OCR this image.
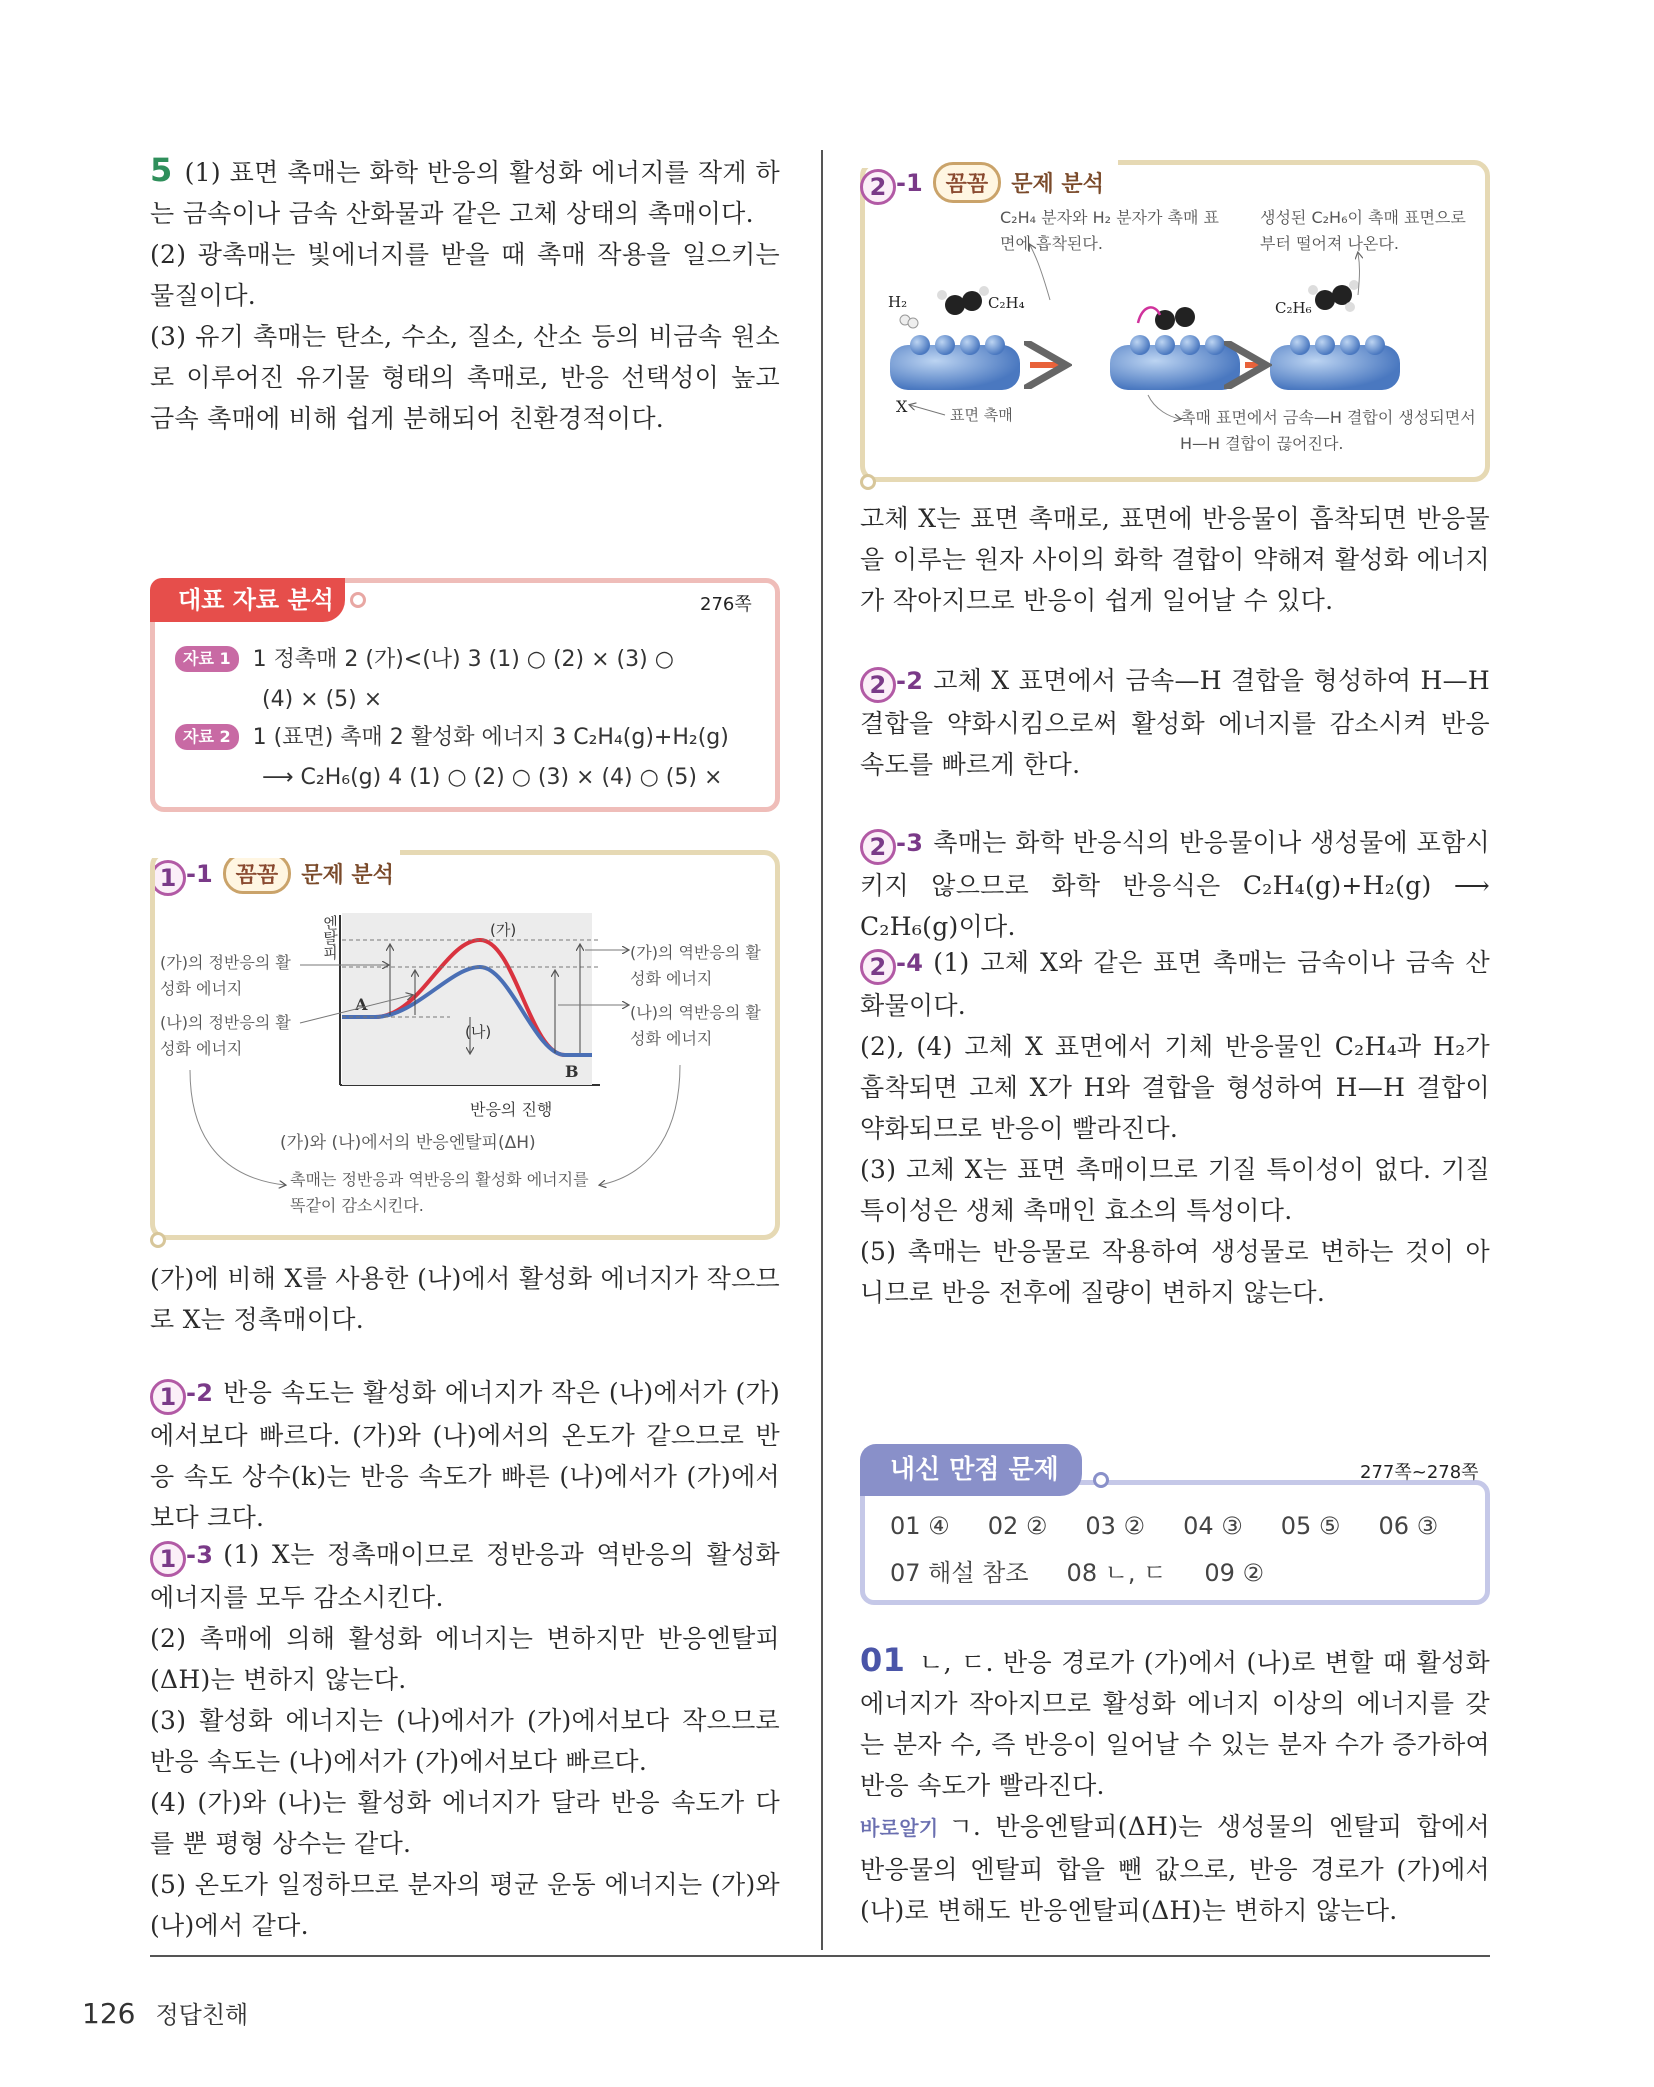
5 (1) 표면 촉매는 화학 반응의 활성화 에너지를 작게 하는 금속이나 금속 산화물과 같은 고체 상태의 촉매이다.
(2) 광촉매는 빛에너지를 받을 때 촉매 작용을 일으키는 물질이다.
(3) 유기 촉매는 탄소, 수소, 질소, 산소 등의 비금속 원소로 이루어진 유기물 형태의 촉매로, 반응 선택성이 높고 금속 촉매에 비해 쉽게 분해되어 친환경적이다.
대표 자료 분석	276쪽
자료 1 1 정촉매 2 (가)<(나) 3 (1) ○ (2) × (3) ○
(4) × (5) ×
자료 2 1 (표면) 촉매 2 활성화 에너지 3 C₂H₄(g)+H₂(g)
⟶ C₂H₆(g) 4 (1) ○ (2) ○ (3) × (4) ○ (5) ×
1 -1 꼼꼼 문제 분석
엔탈피
반응의 진행
(가)
(나)
A
B
(가)의 정반응의 활성화 에너지
(나)의 정반응의 활성화 에너지
(가)의 역반응의 활성화 에너지
(나)의 역반응의 활성화 에너지
(가)와 (나)에서의 반응엔탈피(ΔH)
촉매는 정반응과 역반응의 활성화 에너지를 똑같이 감소시킨다.
(가)에 비해 X를 사용한 (나)에서 활성화 에너지가 작으므로 X는 정촉매이다.
1 -2 반응 속도는 활성화 에너지가 작은 (나)에서가 (가)에서보다 빠르다. (가)와 (나)에서의 온도가 같으므로 반응 속도 상수(k)는 반응 속도가 빠른 (나)에서가 (가)에서보다 크다.
1 -3 (1) X는 정촉매이므로 정반응과 역반응의 활성화 에너지를 모두 감소시킨다.
(2) 촉매에 의해 활성화 에너지는 변하지만 반응엔탈피(ΔH)는 변하지 않는다.
(3) 활성화 에너지는 (나)에서가 (가)에서보다 작으므로 반응 속도는 (나)에서가 (가)에서보다 빠르다.
(4) (가)와 (나)는 활성화 에너지가 달라 반응 속도가 다를 뿐 평형 상수는 같다.
(5) 온도가 일정하므로 분자의 평균 운동 에너지는 (가)와 (나)에서 같다.
2 -1 꼼꼼 문제 분석
C₂H₄ 분자와 H₂ 분자가 촉매 표면에 흡착된다.
생성된 C₂H₆이 촉매 표면으로부터 떨어져 나온다.
H₂	C₂H₄	C₂H₆
X	표면 촉매	촉매 표면에서 금속—H 결합이 생성되면서 H—H 결합이 끊어진다.
고체 X는 표면 촉매로, 표면에 반응물이 흡착되면 반응물을 이루는 원자 사이의 화학 결합이 약해져 활성화 에너지가 작아지므로 반응이 쉽게 일어날 수 있다.
2 -2 고체 X 표면에서 금속—H 결합을 형성하여 H—H 결합을 약화시킴으로써 활성화 에너지를 감소시켜 반응 속도를 빠르게 한다.
2 -3 촉매는 화학 반응식의 반응물이나 생성물에 포함시키지 않으므로 화학 반응식은 C₂H₄(g)+H₂(g) ⟶ C₂H₆(g)이다.
2 -4 (1) 고체 X와 같은 표면 촉매는 금속이나 금속 산화물이다.
(2), (4) 고체 X 표면에서 기체 반응물인 C₂H₄과 H₂가 흡착되면 고체 X가 H와 결합을 형성하여 H—H 결합이 약화되므로 반응이 빨라진다.
(3) 고체 X는 표면 촉매이므로 기질 특이성이 없다. 기질 특이성은 생체 촉매인 효소의 특성이다.
(5) 촉매는 반응물로 작용하여 생성물로 변하는 것이 아니므로 반응 전후에 질량이 변하지 않는다.
내신 만점 문제	277쪽~278쪽
01 ④ 02 ② 03 ② 04 ③ 05 ⑤ 06 ③
07 해설 참조 08 ㄴ, ㄷ 09 ②
01 ㄴ, ㄷ. 반응 경로가 (가)에서 (나)로 변할 때 활성화 에너지가 작아지므로 활성화 에너지 이상의 에너지를 갖는 분자 수, 즉 반응이 일어날 수 있는 분자 수가 증가하여 반응 속도가 빨라진다.
바로알기 ㄱ. 반응엔탈피(ΔH)는 생성물의 엔탈피 합에서 반응물의 엔탈피 합을 뺀 값으로, 반응 경로가 (가)에서 (나)로 변해도 반응엔탈피(ΔH)는 변하지 않는다.
126 정답친해
